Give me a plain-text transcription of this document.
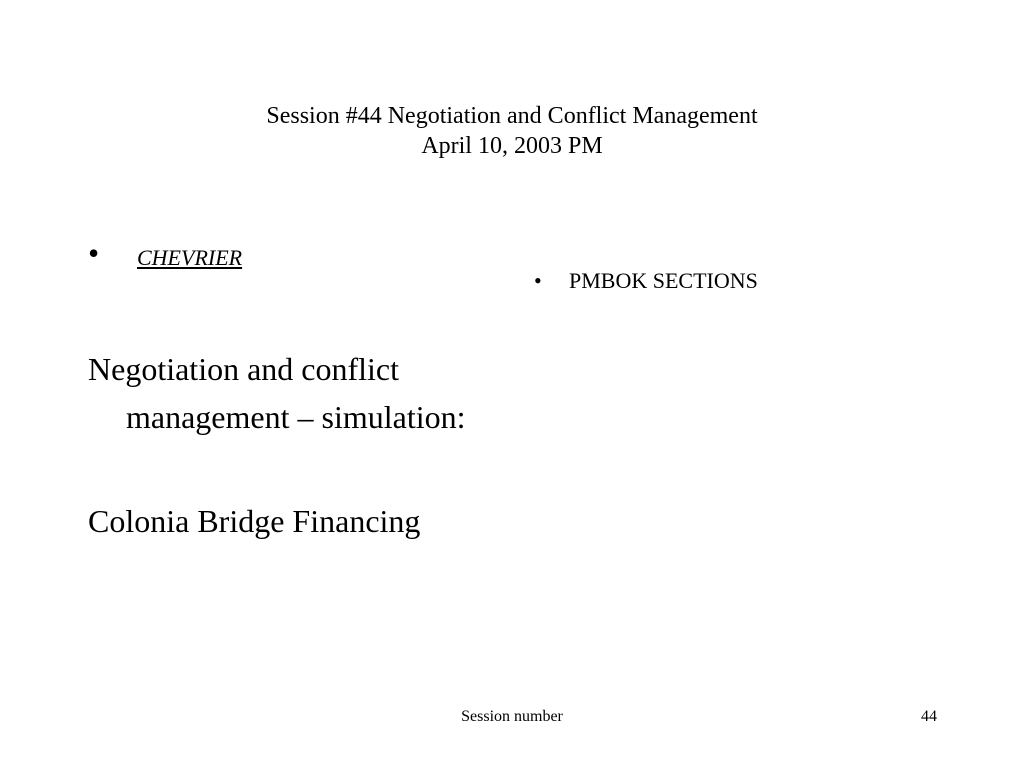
Session #44 Negotiation and Conflict Management
April 10, 2003 PM
• CHEVRIER
Negotiation and conflict management – simulation:
Colonia Bridge Financing
• PMBOK SECTIONS
Session number	44
